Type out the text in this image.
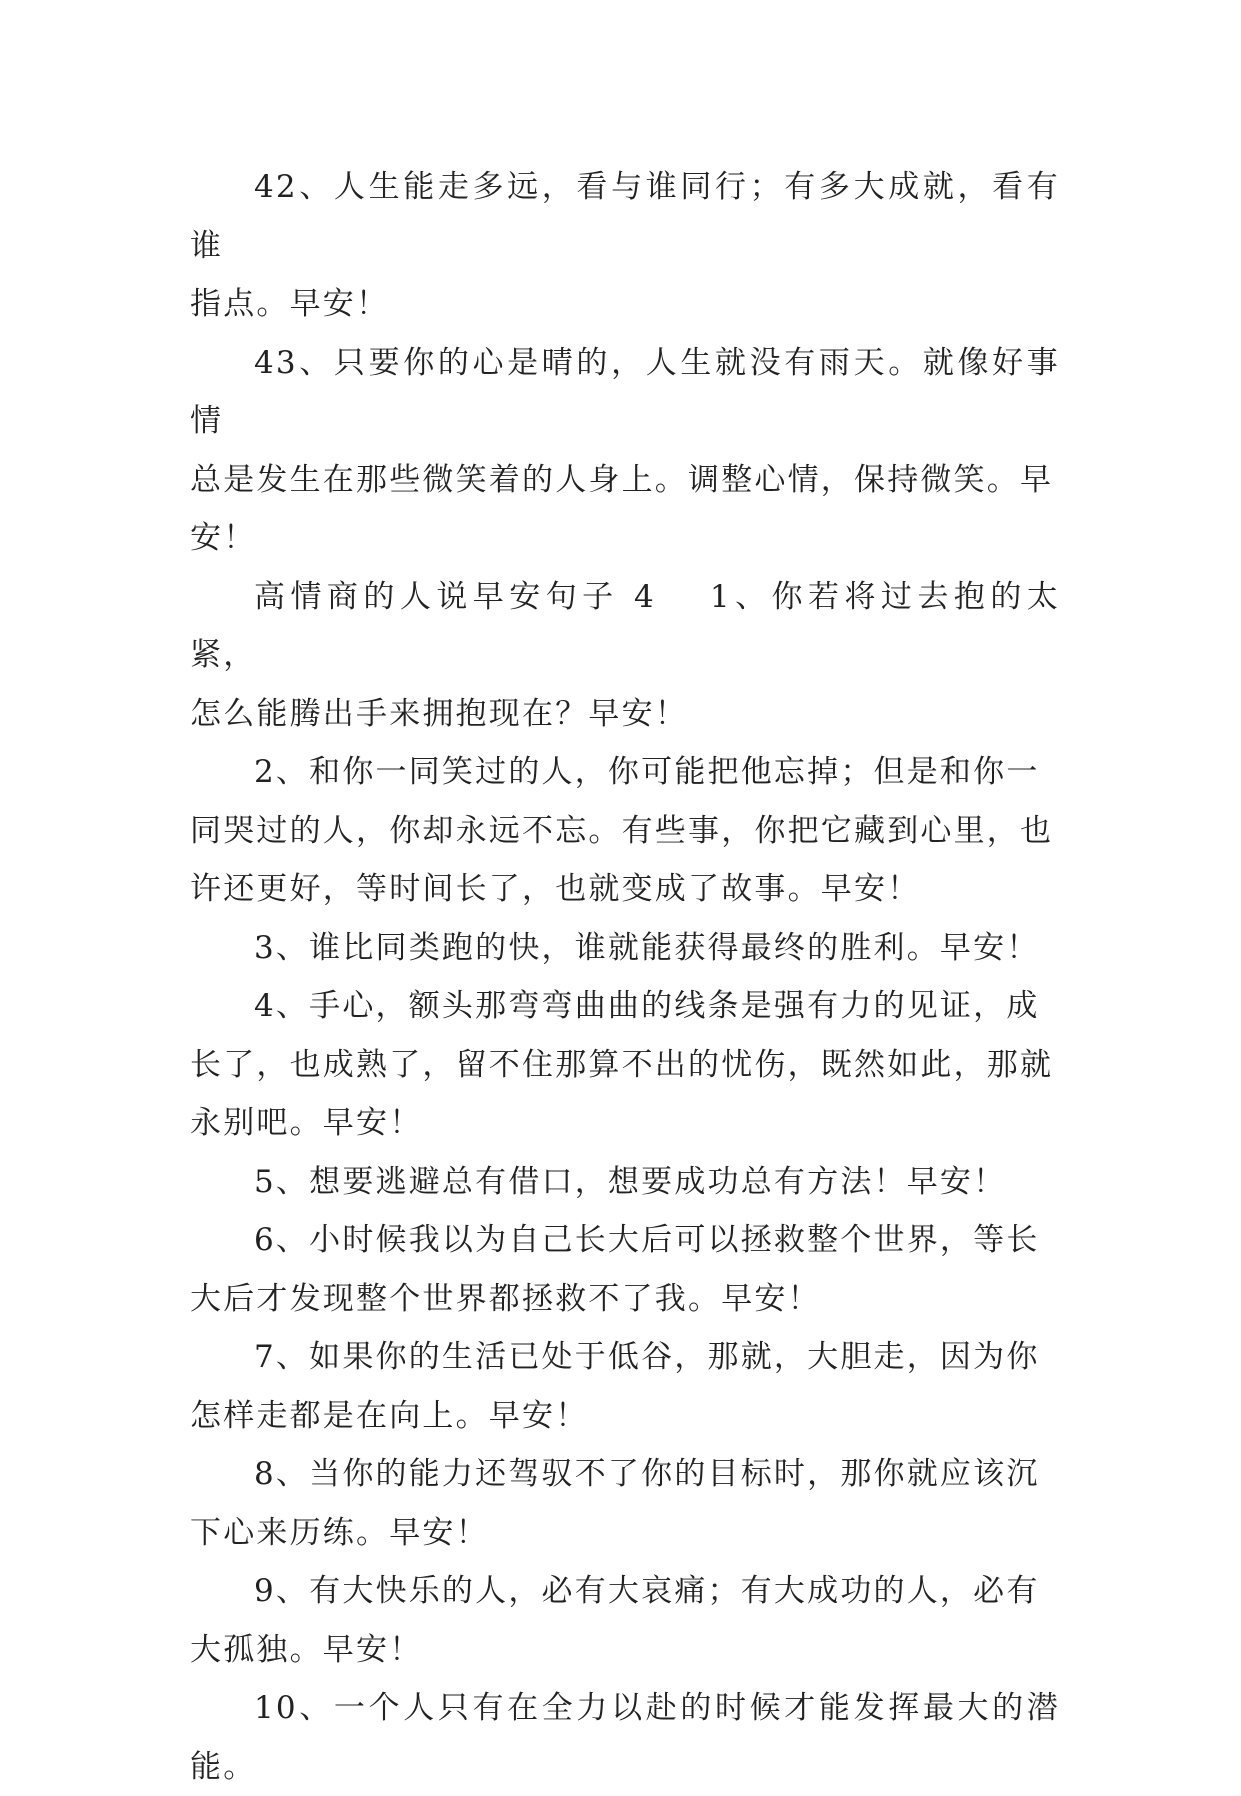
42、人生能走多远，看与谁同行；有多大成就，看有谁
指点。早安！

43、只要你的心是晴的，人生就没有雨天。就像好事情
总是发生在那些微笑着的人身上。调整心情，保持微笑。早
安！

高情商的人说早安句子 4 1、你若将过去抱的太紧，
怎么能腾出手来拥抱现在？早安！

2、和你一同笑过的人，你可能把他忘掉；但是和你一
同哭过的人，你却永远不忘。有些事，你把它藏到心里，也
许还更好，等时间长了，也就变成了故事。早安！

3、谁比同类跑的快，谁就能获得最终的胜利。早安！

4、手心，额头那弯弯曲曲的线条是强有力的见证，成
长了，也成熟了，留不住那算不出的忧伤，既然如此，那就
永别吧。早安！

5、想要逃避总有借口，想要成功总有方法！早安！

6、小时候我以为自己长大后可以拯救整个世界，等长
大后才发现整个世界都拯救不了我。早安！

7、如果你的生活已处于低谷，那就，大胆走，因为你
怎样走都是在向上。早安！

8、当你的能力还驾驭不了你的目标时，那你就应该沉
下心来历练。早安！

9、有大快乐的人，必有大哀痛；有大成功的人，必有
大孤独。早安！

10、一个人只有在全力以赴的时候才能发挥最大的潜能。
